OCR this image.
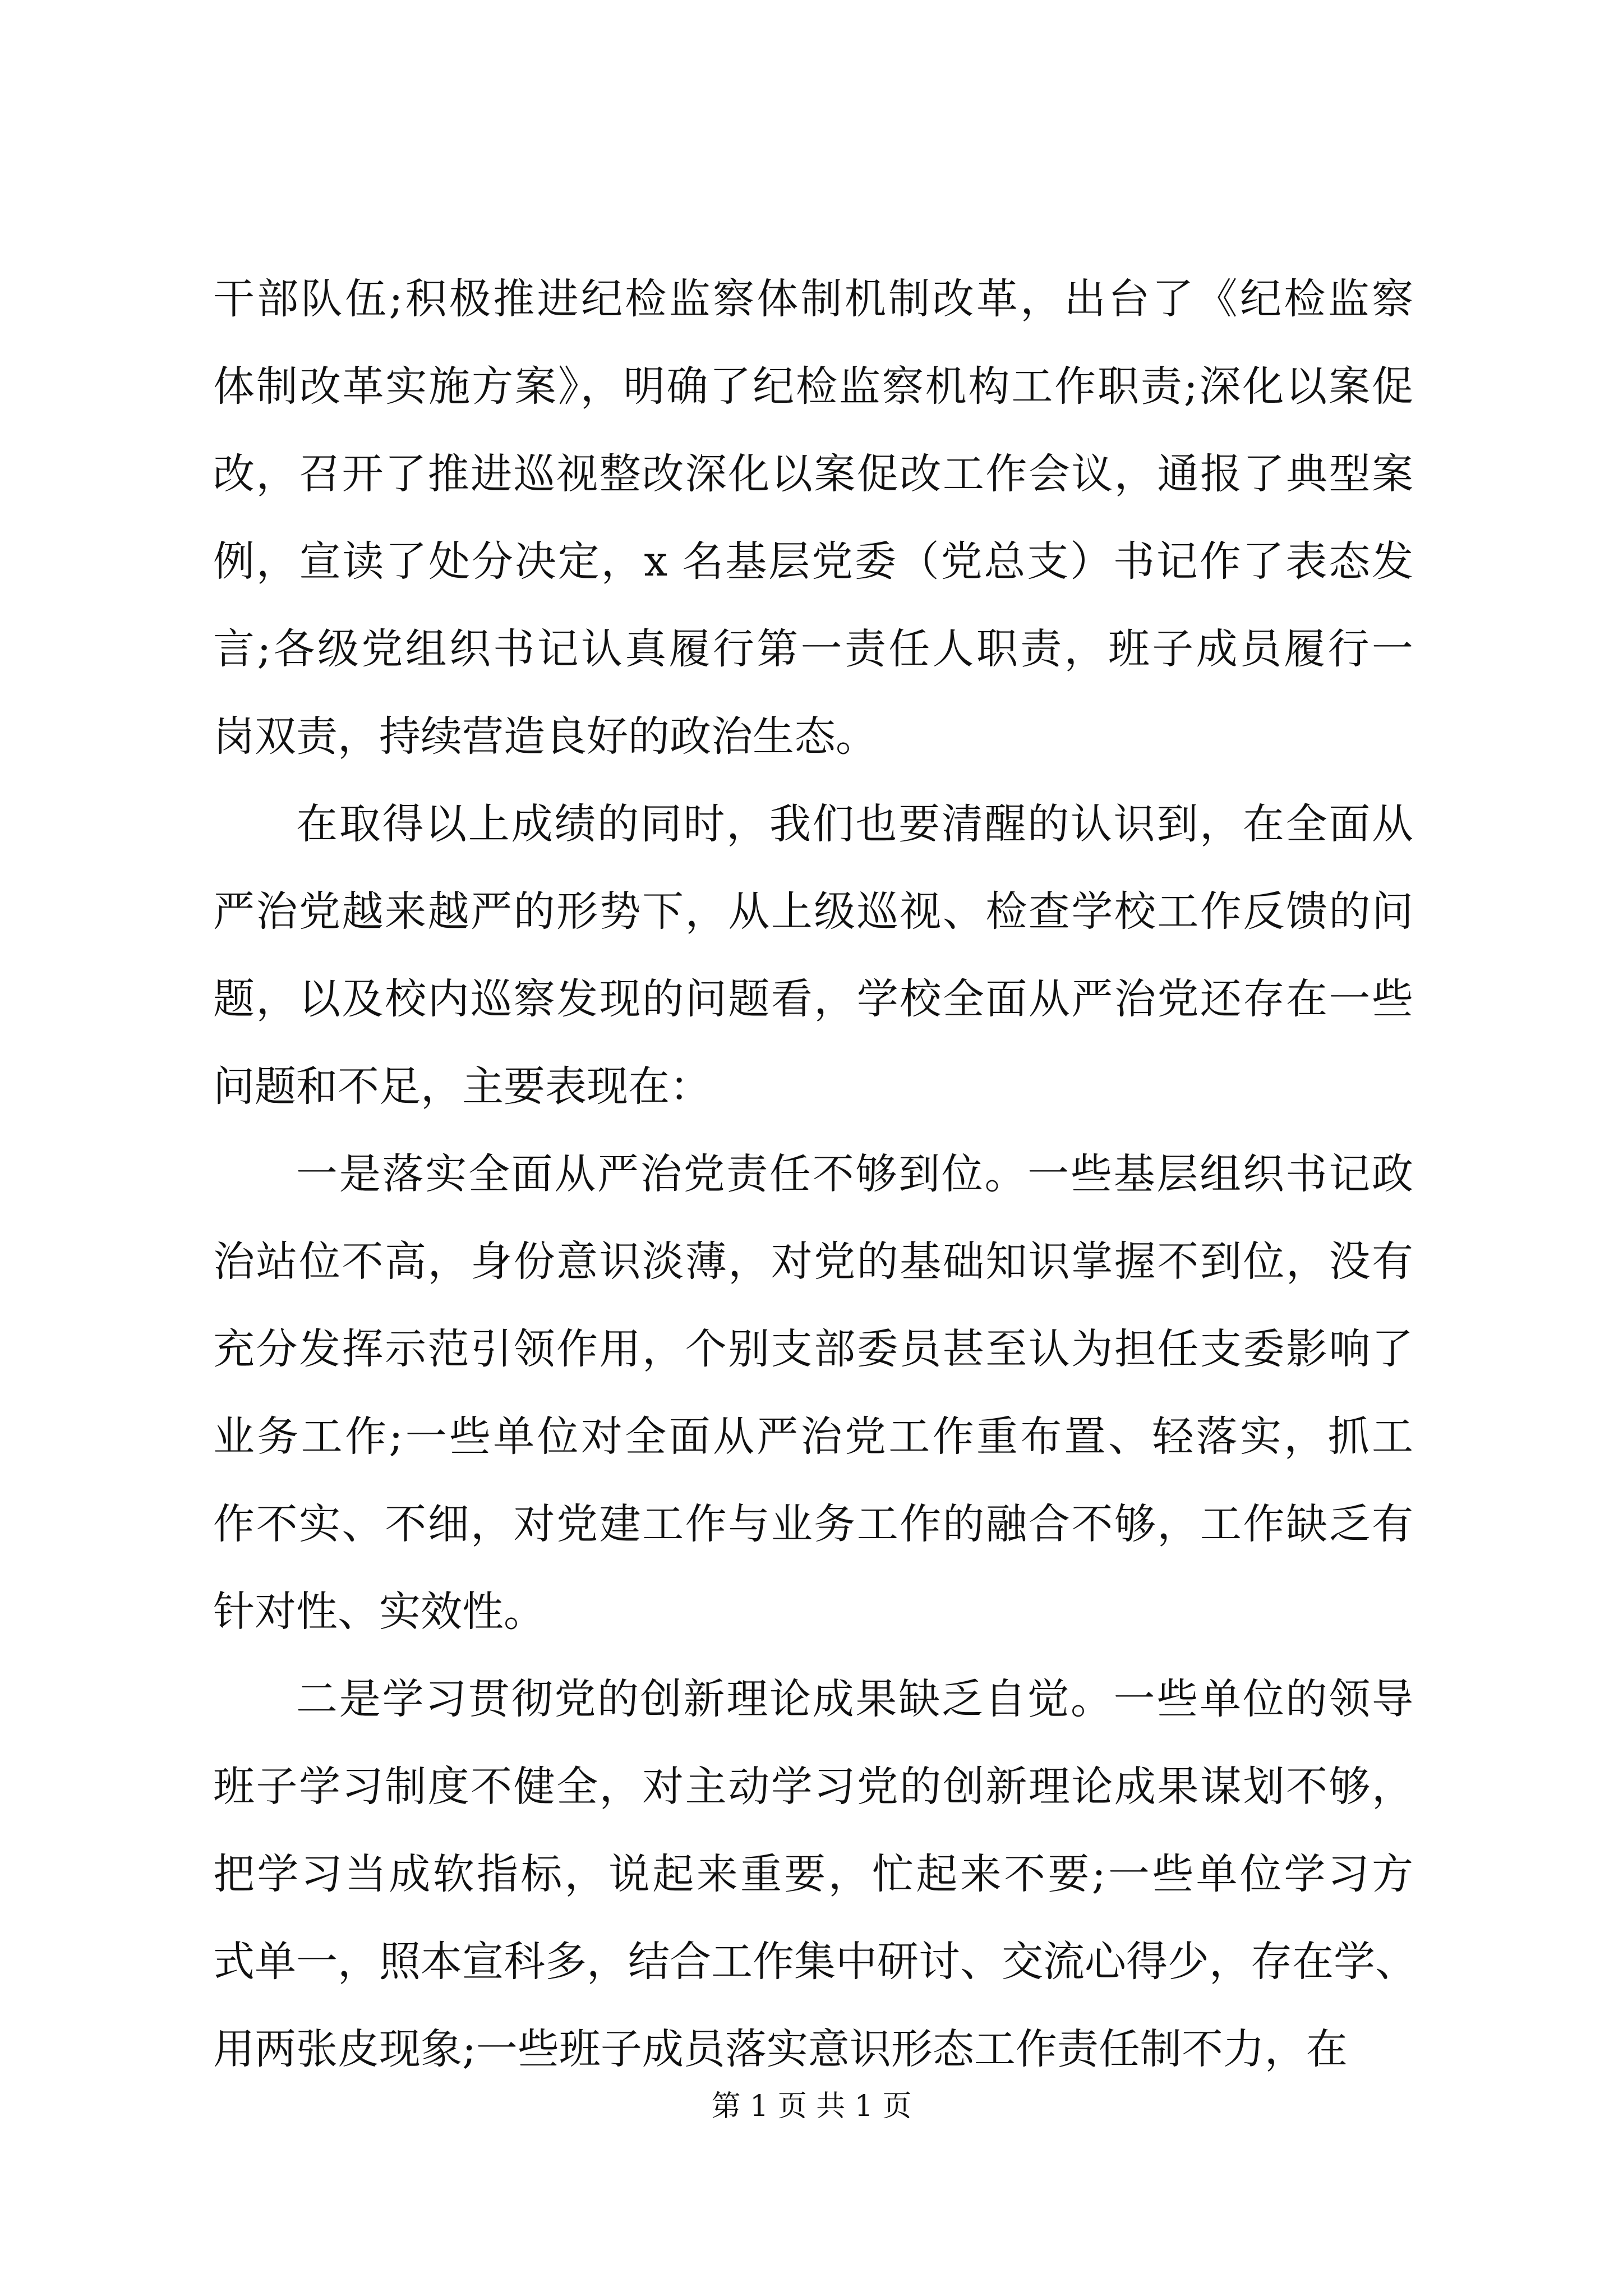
干部队伍;积极推进纪检监察体制机制改革，出台了《纪检监察
体制改革实施方案》，明确了纪检监察机构工作职责;深化以案促
改，召开了推进巡视整改深化以案促改工作会议，通报了典型案
例，宣读了处分决定，x 名基层党委（党总支）书记作了表态发
言;各级党组织书记认真履行第一责任人职责，班子成员履行一
岗双责，持续营造良好的政治生态。
在取得以上成绩的同时，我们也要清醒的认识到，在全面从
严治党越来越严的形势下，从上级巡视、检查学校工作反馈的问
题，以及校内巡察发现的问题看，学校全面从严治党还存在一些
问题和不足，主要表现在：
一是落实全面从严治党责任不够到位。一些基层组织书记政
治站位不高，身份意识淡薄，对党的基础知识掌握不到位，没有
充分发挥示范引领作用，个别支部委员甚至认为担任支委影响了
业务工作;一些单位对全面从严治党工作重布置、轻落实，抓工
作不实、不细，对党建工作与业务工作的融合不够，工作缺乏有
针对性、实效性。
二是学习贯彻党的创新理论成果缺乏自觉。一些单位的领导
班子学习制度不健全，对主动学习党的创新理论成果谋划不够，
把学习当成软指标，说起来重要，忙起来不要;一些单位学习方
式单一，照本宣科多，结合工作集中研讨、交流心得少，存在学、
用两张皮现象;一些班子成员落实意识形态工作责任制不力，在
第 1 页 共 1 页
